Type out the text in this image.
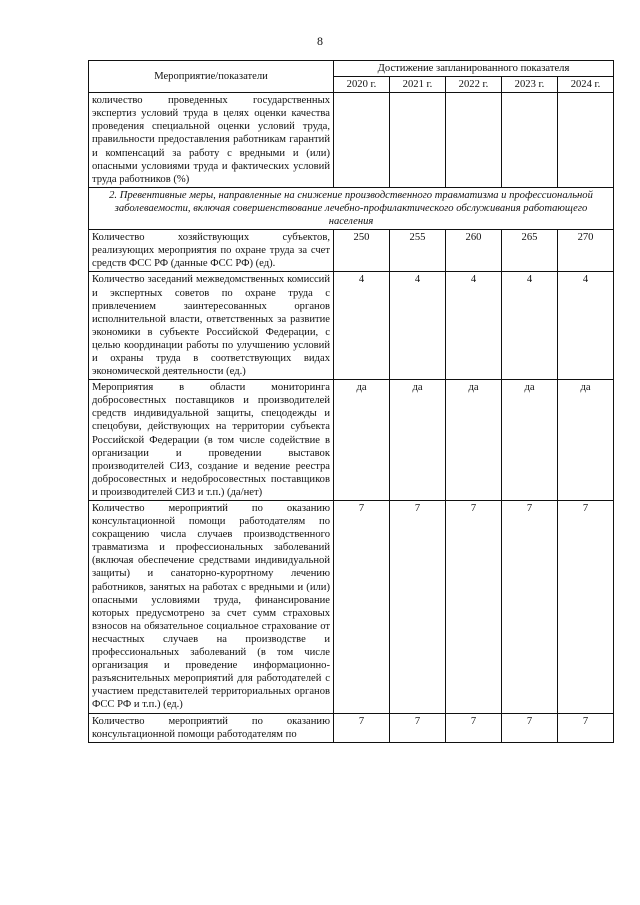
8
Мероприятие/показатели	Достижение запланированного показателя				
	2020 г.	2021 г.	2022 г.	2023 г.	2024 г.
количество проведенных государственных экспертиз условий труда в целях оценки качества проведения специальной оценки условий труда, правильности предоставления работникам гарантий и компенсаций за работу с вредными и (или) опасными условиями труда и фактических условий труда работников (%)					
2. Превентивные меры, направленные на снижение производственного травматизма и профессиональной заболеваемости, включая совершенствование лечебно-профилактического обслуживания работающего населения					
Количество хозяйствующих субъектов, реализующих мероприятия по охране труда за счет средств ФСС РФ (данные ФСС РФ) (ед).	250	255	260	265	270
Количество заседаний межведомственных комиссий и экспертных советов по охране труда с привлечением заинтересованных органов исполнительной власти, ответственных за развитие экономики в субъекте Российской Федерации, с целью координации работы по улучшению условий и охраны труда в соответствующих видах экономической деятельности (ед.)	4	4	4	4	4
Мероприятия в области мониторинга добросовестных поставщиков и производителей средств индивидуальной защиты, спецодежды и спецобуви, действующих на территории субъекта Российской Федерации (в том числе содействие в организации и проведении выставок производителей СИЗ, создание и ведение реестра добросовестных и недобросовестных поставщиков и производителей СИЗ и т.п.) (да/нет)	да	да	да	да	да
Количество мероприятий по оказанию консультационной помощи работодателям по сокращению числа случаев производственного травматизма и профессиональных заболеваний (включая обеспечение средствами индивидуальной защиты) и санаторно-курортному лечению работников, занятых на работах с вредными и (или) опасными условиями труда, финансирование которых предусмотрено за счет сумм страховых взносов на обязательное социальное страхование от несчастных случаев на производстве и профессиональных заболеваний (в том числе организация и проведение информационно-разъяснительных мероприятий для работодателей с участием представителей территориальных органов ФСС РФ и т.п.) (ед.)	7	7	7	7	7
Количество мероприятий по оказанию консультационной помощи работодателям по	7	7	7	7	7
